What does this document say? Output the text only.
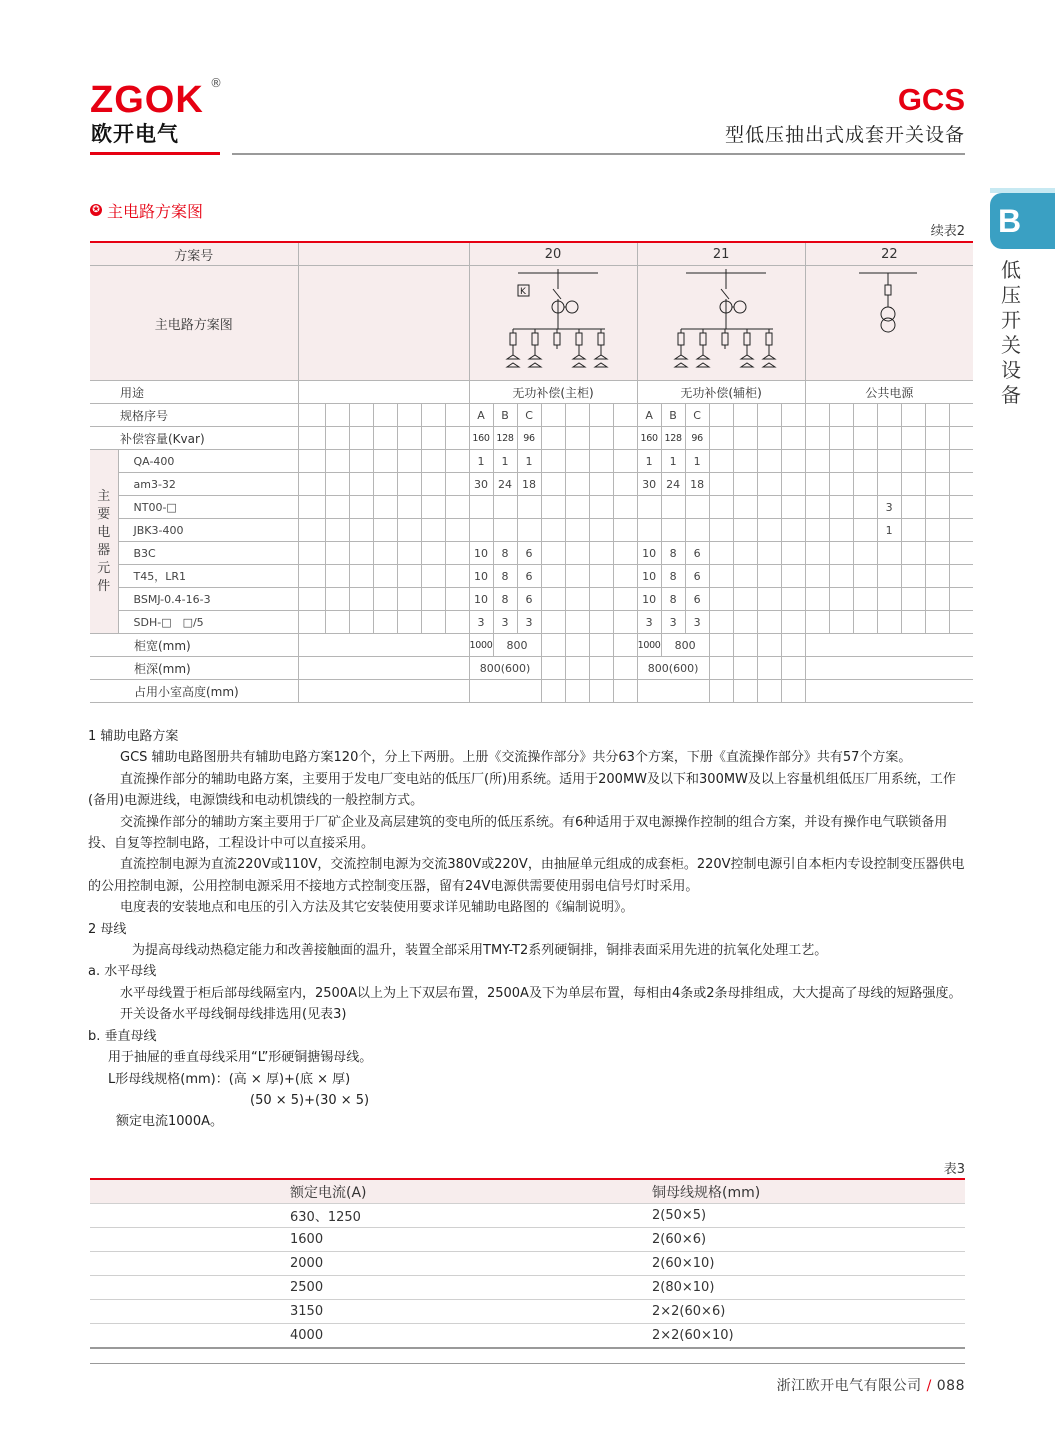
ZGOK ®
欧开电气
GCS
型低压抽出式成套开关设备
B
低压开关设备
✪ 主电路方案图
续表2
方案号									20							21							22						
主电路方案图									K

用途									无功补偿(主柜)							无功补偿(辅柜)							公共电源						
规格序号									A	B	C					A	B	C											
补偿容量(Kvar)									160	128	96					160	128	96											
主要电器元件	QA-400								1	1	1					1	1	1											
	am3-32								30	24	18					30	24	18											
	NT00-□																									3			
	JBK3-400																									1			
	B3C								10	8	6					10	8	6											
	T45，LR1								10	8	6					10	8	6											
	BSMJ-0.4-16-3								10	8	6					10	8	6											
	SDH-□　□/5								3	3	3					3	3	3											
柜宽(mm)									1000	800						1000	800												
柜深(mm)									800(600)							800(600)													
占用小室高度(mm)																													

1 辅助电路方案

GCS 辅助电路图册共有辅助电路方案120个，分上下两册。上册《交流操作部分》共分63个方案，下册《直流操作部分》共有57个方案。

直流操作部分的辅助电路方案，主要用于发电厂变电站的低压厂(所)用系统。适用于200MW及以下和300MW及以上容量机组低压厂用系统，工作(备用)电源进线，电源馈线和电动机馈线的一般控制方式。

交流操作部分的辅助方案主要用于厂矿企业及高层建筑的变电所的低压系统。有6种适用于双电源操作控制的组合方案，并设有操作电气联锁备用投、自复等控制电路，工程设计中可以直接采用。

直流控制电源为直流220V或110V，交流控制电源为交流380V或220V，由抽屉单元组成的成套柜。220V控制电源引自本柜内专设控制变压器供电的公用控制电源，公用控制电源采用不接地方式控制变压器，留有24V电源供需要使用弱电信号灯时采用。

电度表的安装地点和电压的引入方法及其它安装使用要求详见辅助电路图的《编制说明》。

2 母线

为提高母线动热稳定能力和改善接触面的温升，装置全部采用TMY-T2系列硬铜排，铜排表面采用先进的抗氧化处理工艺。

a. 水平母线

水平母线置于柜后部母线隔室内，2500A以上为上下双层布置，2500A及下为单层布置，每相由4条或2条母排组成，大大提高了母线的短路强度。

开关设备水平母线铜母线排选用(见表3)

b. 垂直母线

用于抽屉的垂直母线采用“L”形硬铜搪锡母线。

L形母线规格(mm)：(高 × 厚)+(底 × 厚)

(50 × 5)+(30 × 5)

额定电流1000A。

表3
额定电流(A)	铜母线规格(mm)
630、1250	2(50×5)
1600	2(60×6)
2000	2(60×10)
2500	2(80×10)
3150	2×2(60×6)
4000	2×2(60×10)
浙江欧开电气有限公司 / 088
